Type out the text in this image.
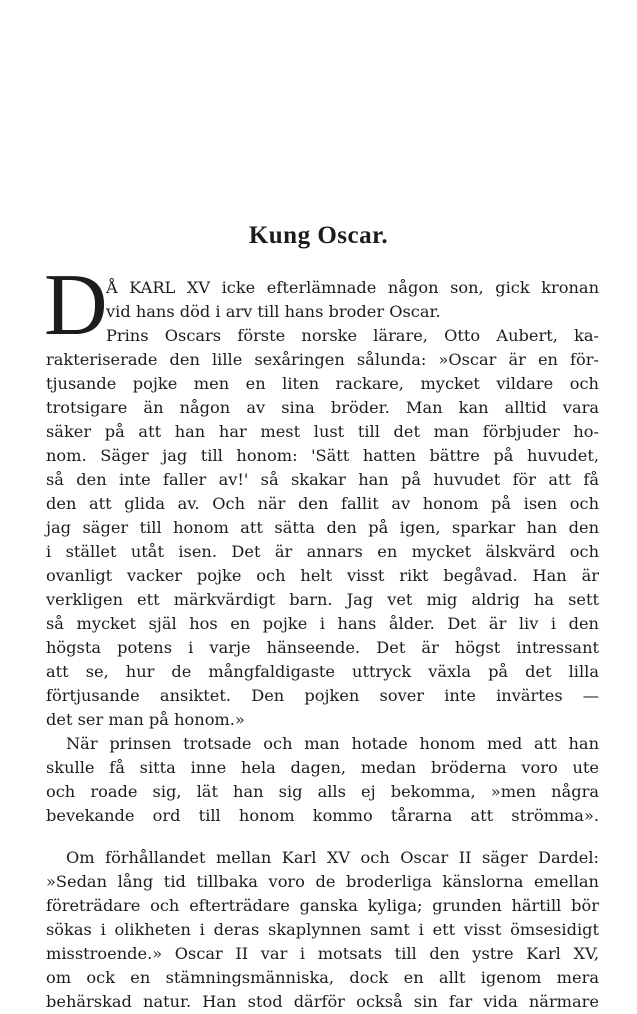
Kung Oscar.
D
Å KARL XV icke efterlämnade någon son, gick kronan
vid hans död i arv till hans broder Oscar.
Prins Oscars förste norske lärare, Otto Aubert, ka-
rakteriserade den lille sexåringen sålunda: »Oscar är en för-
tjusande pojke men en liten rackare, mycket vildare och
trotsigare än någon av sina bröder. Man kan alltid vara
säker på att han har mest lust till det man förbjuder ho-
nom. Säger jag till honom: 'Sätt hatten bättre på huvudet,
så den inte faller av!' så skakar han på huvudet för att få
den att glida av. Och när den fallit av honom på isen och
jag säger till honom att sätta den på igen, sparkar han den
i stället utåt isen. Det är annars en mycket älskvärd och
ovanligt vacker pojke och helt visst rikt begåvad. Han är
verkligen ett märkvärdigt barn. Jag vet mig aldrig ha sett
så mycket själ hos en pojke i hans ålder. Det är liv i den
högsta potens i varje hänseende. Det är högst intressant
att se, hur de mångfaldigaste uttryck växla på det lilla
förtjusande ansiktet. Den pojken sover inte invärtes —
det ser man på honom.»
När prinsen trotsade och man hotade honom med att han
skulle få sitta inne hela dagen, medan bröderna voro ute
och roade sig, lät han sig alls ej bekomma, »men några
bevekande ord till honom kommo tårarna att strömma».
Om förhållandet mellan Karl XV och Oscar II säger Dardel:
»Sedan lång tid tillbaka voro de broderliga känslorna emellan
företrädare och efterträdare ganska kyliga; grunden härtill bör
sökas i olikheten i deras skaplynnen samt i ett visst ömsesidigt
misstroende.» Oscar II var i motsats till den ystre Karl XV,
om ock en stämningsmänniska, dock en allt igenom mera
behärskad natur. Han stod därför också sin far vida närmare
